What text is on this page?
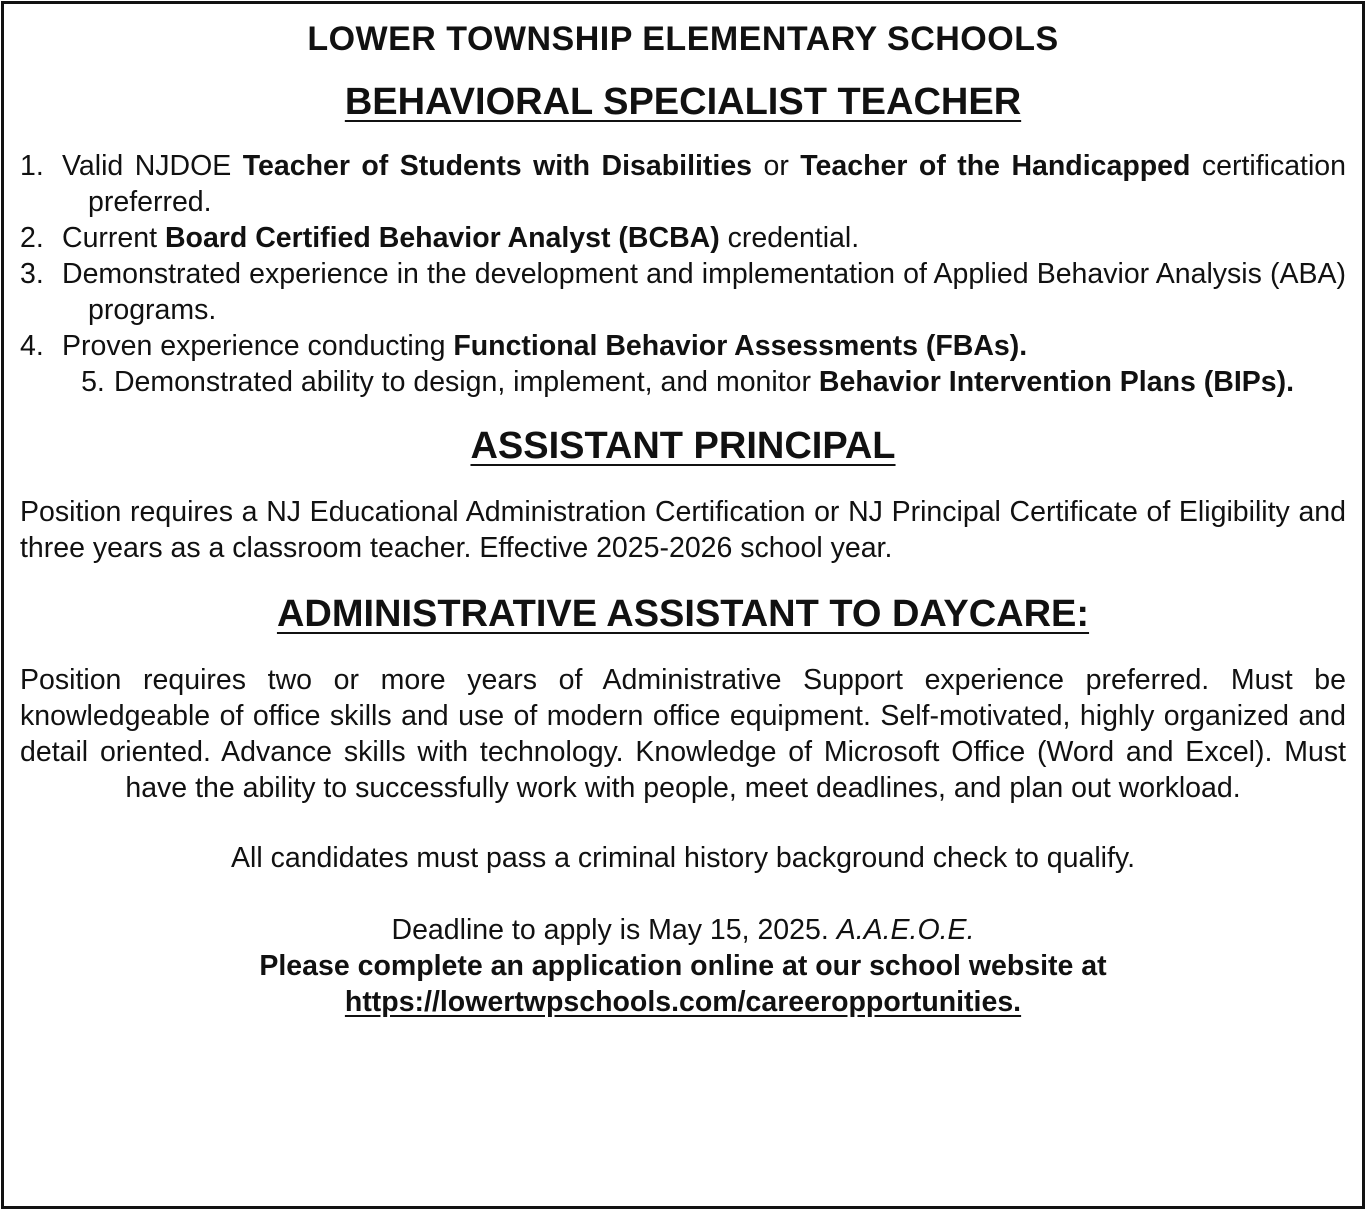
LOWER TOWNSHIP ELEMENTARY SCHOOLS
BEHAVIORAL SPECIALIST TEACHER
1. Valid NJDOE Teacher of Students with Disabilities or Teacher of the Handicapped certification preferred.
2. Current Board Certified Behavior Analyst (BCBA) credential.
3. Demonstrated experience in the development and implementation of Applied Behavior Analysis (ABA) programs.
4. Proven experience conducting Functional Behavior Assessments (FBAs).
5. Demonstrated ability to design, implement, and monitor Behavior Intervention Plans (BIPs).
ASSISTANT PRINCIPAL

Position requires a NJ Educational Administration Certification or NJ Principal Certificate of Eligibility and three years as a classroom teacher. Effective 2025-2026 school year.

ADMINISTRATIVE ASSISTANT TO DAYCARE:

Position requires two or more years of Administrative Support experience preferred. Must be knowledgeable of office skills and use of modern office equipment. Self-motivated, highly organized and detail oriented. Advance skills with technology. Knowledge of Microsoft Office (Word and Excel). Must have the ability to successfully work with people, meet deadlines, and plan out workload.

All candidates must pass a criminal history background check to qualify.
Deadline to apply is May 15, 2025. A.A.E.O.E.
Please complete an application online at our school website at
https://lowertwpschools.com/careeropportunities.
